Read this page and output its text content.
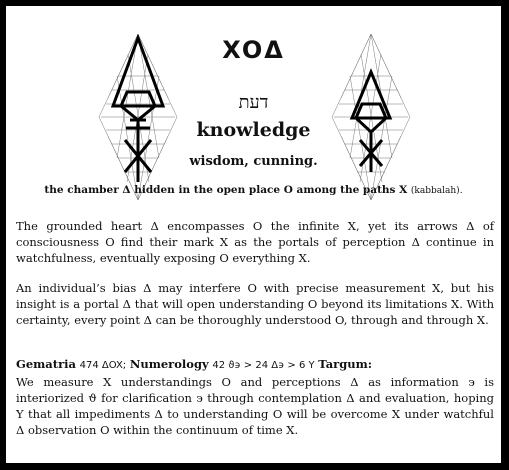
XOΔ
דעת
knowledge
wisdom, cunning.
the chamber Δ hidden in the open place O among the paths X (kabbalah).
The grounded heart Δ encompasses O the infinite X, yet its arrows Δ of consciousness O find their mark X as the portals of perception Δ continue in watchfulness, eventually exposing O everything X.
An individual’s bias Δ may interfere O with precise measurement X, but his insight is a portal Δ that will open understanding O beyond its limitations X. With certainty, every point Δ can be thoroughly understood O, through and through X.
Gematria 474 ΔOX; Numerology 42 ϑ϶ > 24 Δ϶ > 6 Y Targum:
We measure X understandings O and perceptions Δ as information ϶ is interiorized ϑ for clarification ϶ through contemplation Δ and evaluation, hoping Y that all impediments Δ to understanding O will be overcome X under watchful Δ observation O within the continuum of time X.
